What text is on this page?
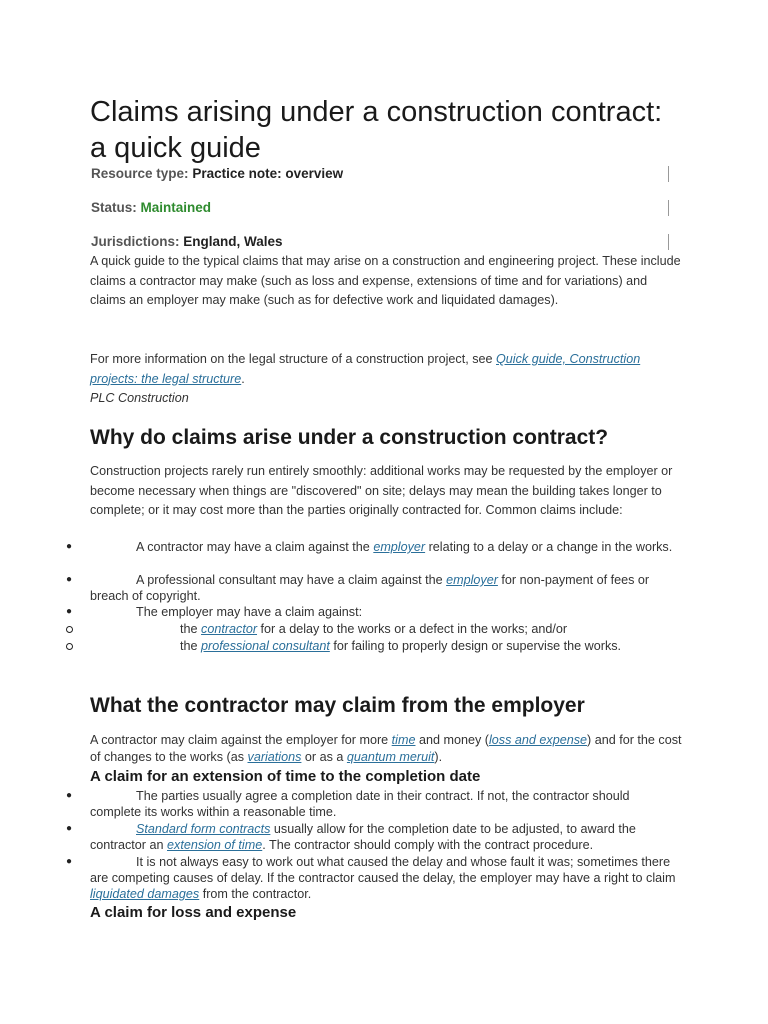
Claims arising under a construction contract: a quick guide
Resource type: Practice note: overview
Status: Maintained
Jurisdictions: England, Wales

A quick guide to the typical claims that may arise on a construction and engineering project. These include claims a contractor may make (such as loss and expense, extensions of time and for variations) and claims an employer may make (such as for defective work and liquidated damages).

For more information on the legal structure of a construction project, see Quick guide, Construction projects: the legal structure.

PLC Construction

Why do claims arise under a construction contract?

Construction projects rarely run entirely smoothly: additional works may be requested by the employer or become necessary when things are "discovered" on site; delays may mean the building takes longer to complete; or it may cost more than the parties originally contracted for. Common claims include:

●	A contractor may have a claim against the employer relating to a delay or a change in the works.

●	A professional consultant may have a claim against the employer for non-payment of fees or breach of copyright.

●	The employer may have a claim against:

the contractor for a delay to the works or a defect in the works; and/or

the professional consultant for failing to properly design or supervise the works.

What the contractor may claim from the employer

A contractor may claim against the employer for more time and money (loss and expense) and for the cost of changes to the works (as variations or as a quantum meruit).

A claim for an extension of time to the completion date
●	The parties usually agree a completion date in their contract. If not, the contractor should complete its works within a reasonable time.

●	Standard form contracts usually allow for the completion date to be adjusted, to award the contractor an extension of time. The contractor should comply with the contract procedure.

●	It is not always easy to work out what caused the delay and whose fault it was; sometimes there are competing causes of delay. If the contractor caused the delay, the employer may have a right to claim liquidated damages from the contractor.

A claim for loss and expense
